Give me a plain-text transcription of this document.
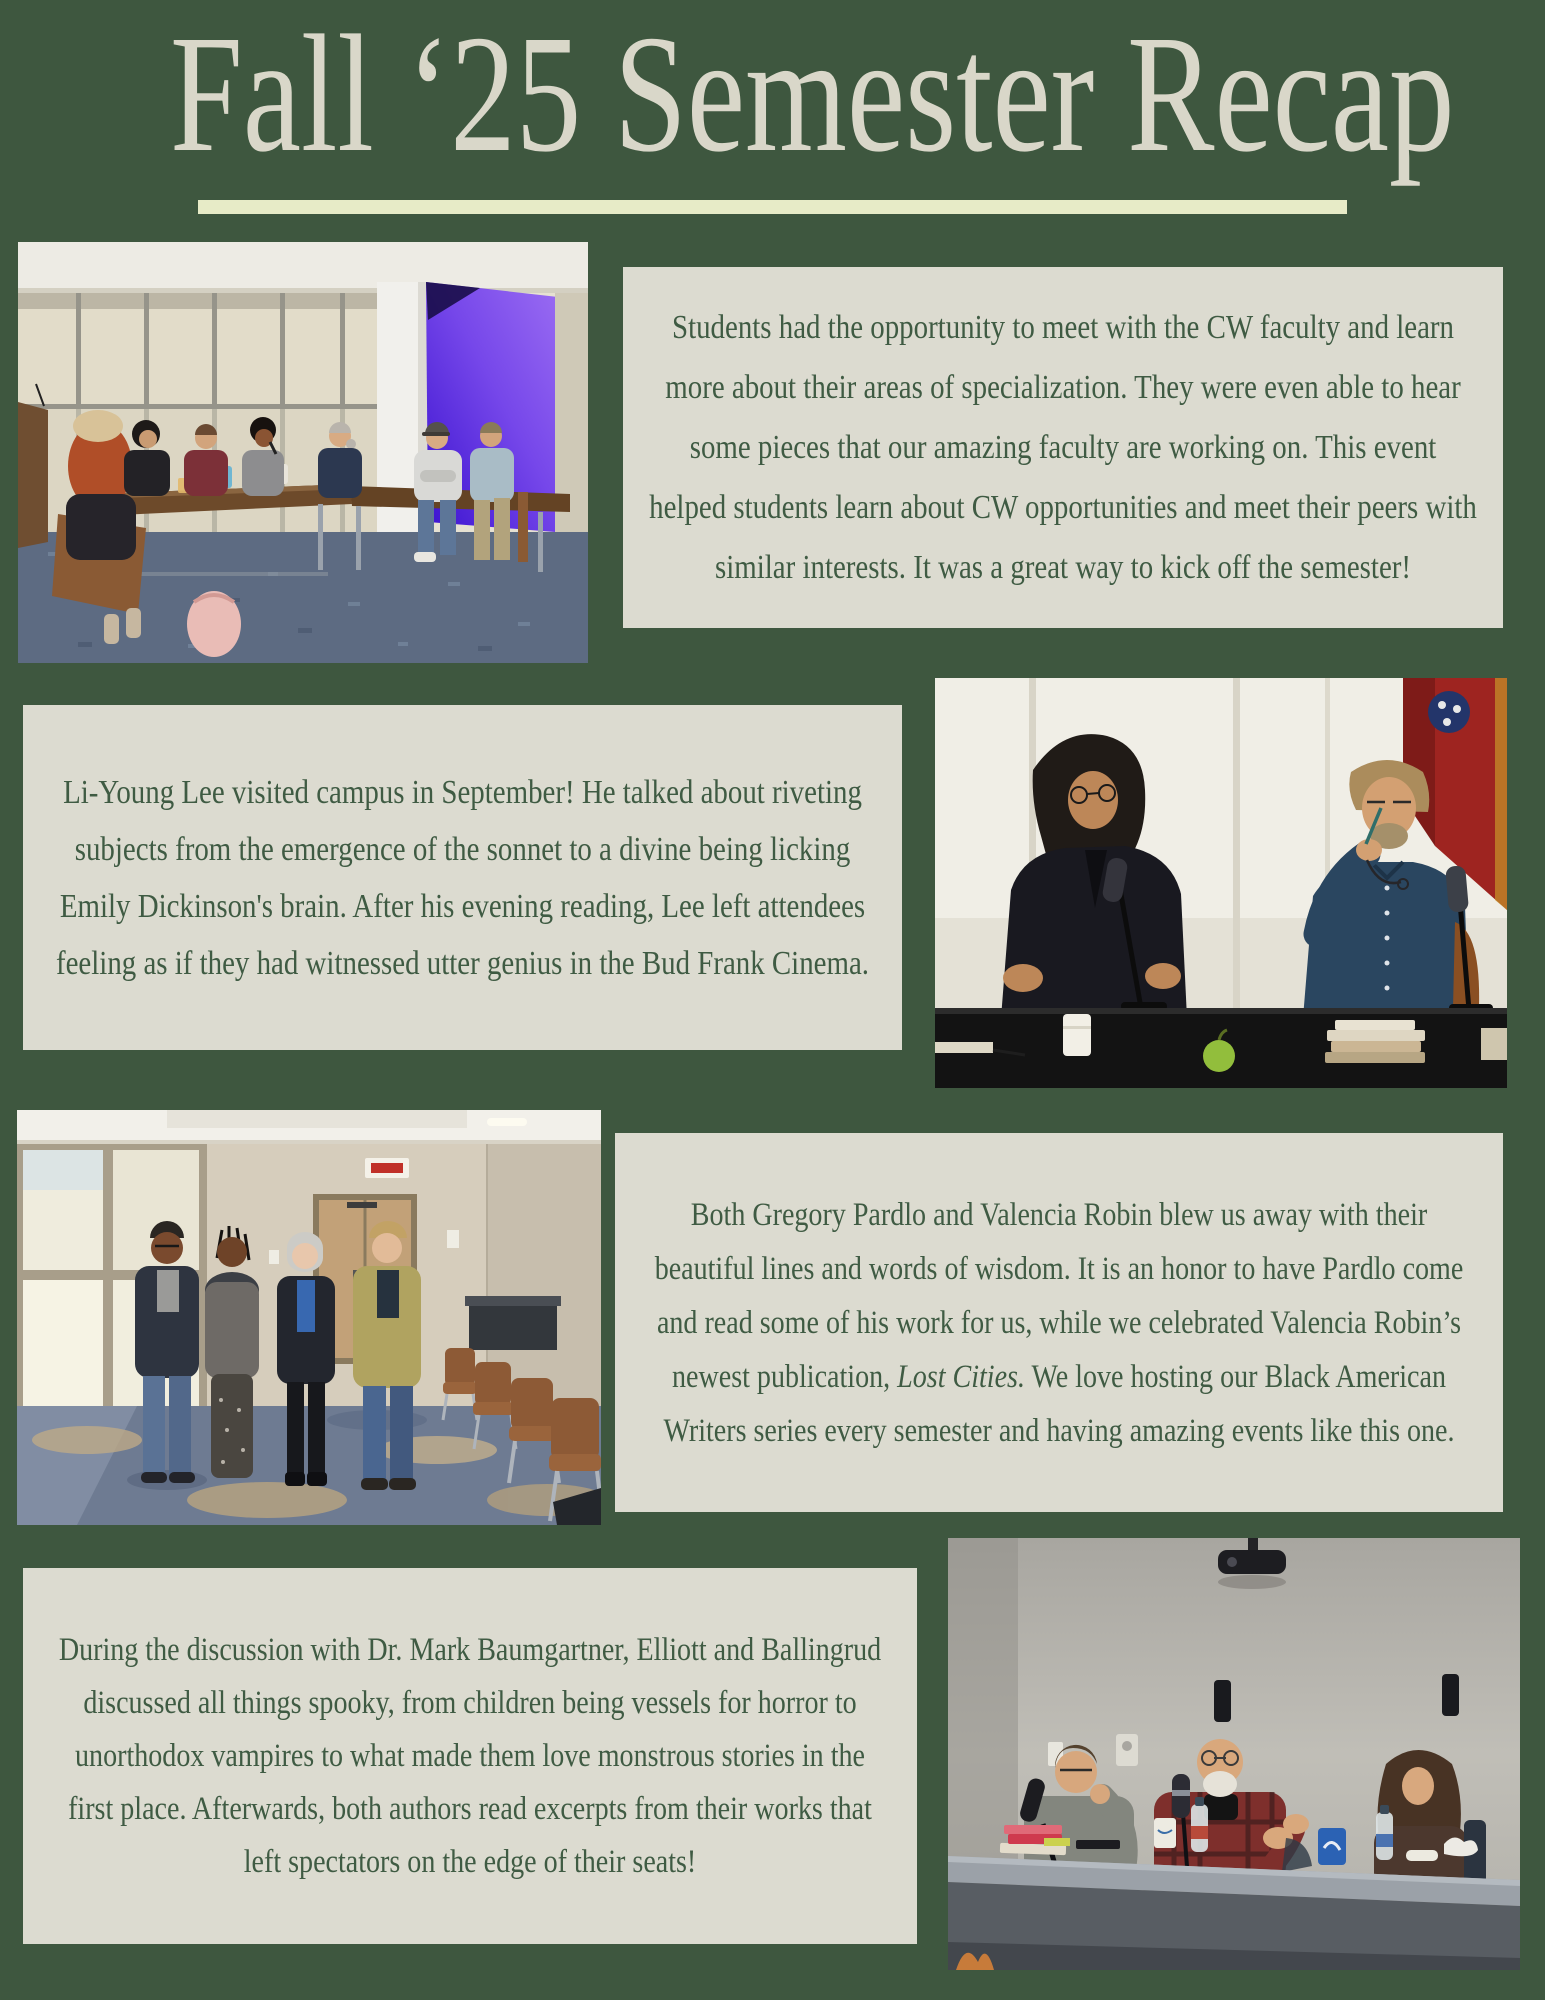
Fall ‘25 Semester Recap
Students had the opportunity to meet with the CW faculty and learn more about their areas of specialization. They were even able to hear some pieces that our amazing faculty are working on. This event helped students learn about CW opportunities and meet their peers with similar interests. It was a great way to kick off the semester!
Li-Young Lee visited campus in September! He talked about riveting subjects from the emergence of the sonnet to a divine being licking Emily Dickinson's brain. After his evening reading, Lee left attendees feeling as if they had witnessed utter genius in the Bud Frank Cinema.
Both Gregory Pardlo and Valencia Robin blew us away with their beautiful lines and words of wisdom. It is an honor to have Pardlo come and read some of his work for us, while we celebrated Valencia Robin’s newest publication, Lost Cities. We love hosting our Black American Writers series every semester and having amazing events like this one.
During the discussion with Dr. Mark Baumgartner, Elliott and Ballingrud discussed all things spooky, from children being vessels for horror to unorthodox vampires to what made them love monstrous stories in the first place. Afterwards, both authors read excerpts from their works that left spectators on the edge of their seats!
